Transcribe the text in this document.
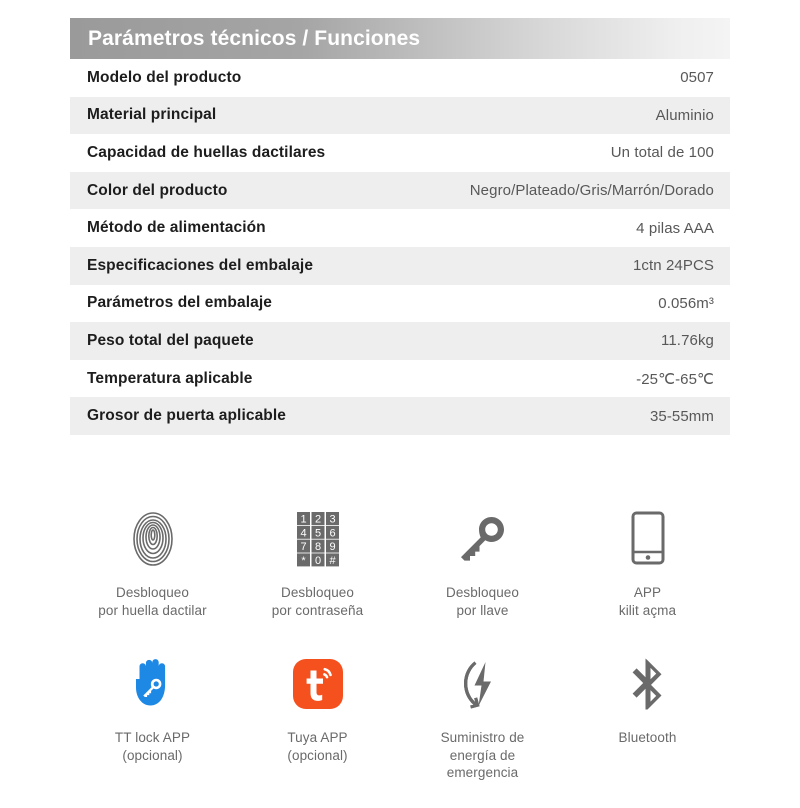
Parámetros técnicos / Funciones
Modelo del producto	0507
Material principal	Aluminio
Capacidad de huellas dactilares	Un total de 100
Color del producto	Negro/Plateado/Gris/Marrón/Dorado
Método de alimentación	4 pilas AAA
Especificaciones del embalaje	1ctn 24PCS
Parámetros del embalaje	0.056m³
Peso total del paquete	11.76kg
Temperatura aplicable	-25℃-65℃
Grosor de puerta aplicable	35-55mm
Desbloqueo
por huella dactilar
1 2 3
4 5 6
7 8 9
* 0 #
Desbloqueo
por contraseña
Desbloqueo
por llave
APP
kilit açma
TT lock APP
(opcional)
Tuya APP
(opcional)
Suministro de
energía de
emergencia
Bluetooth
